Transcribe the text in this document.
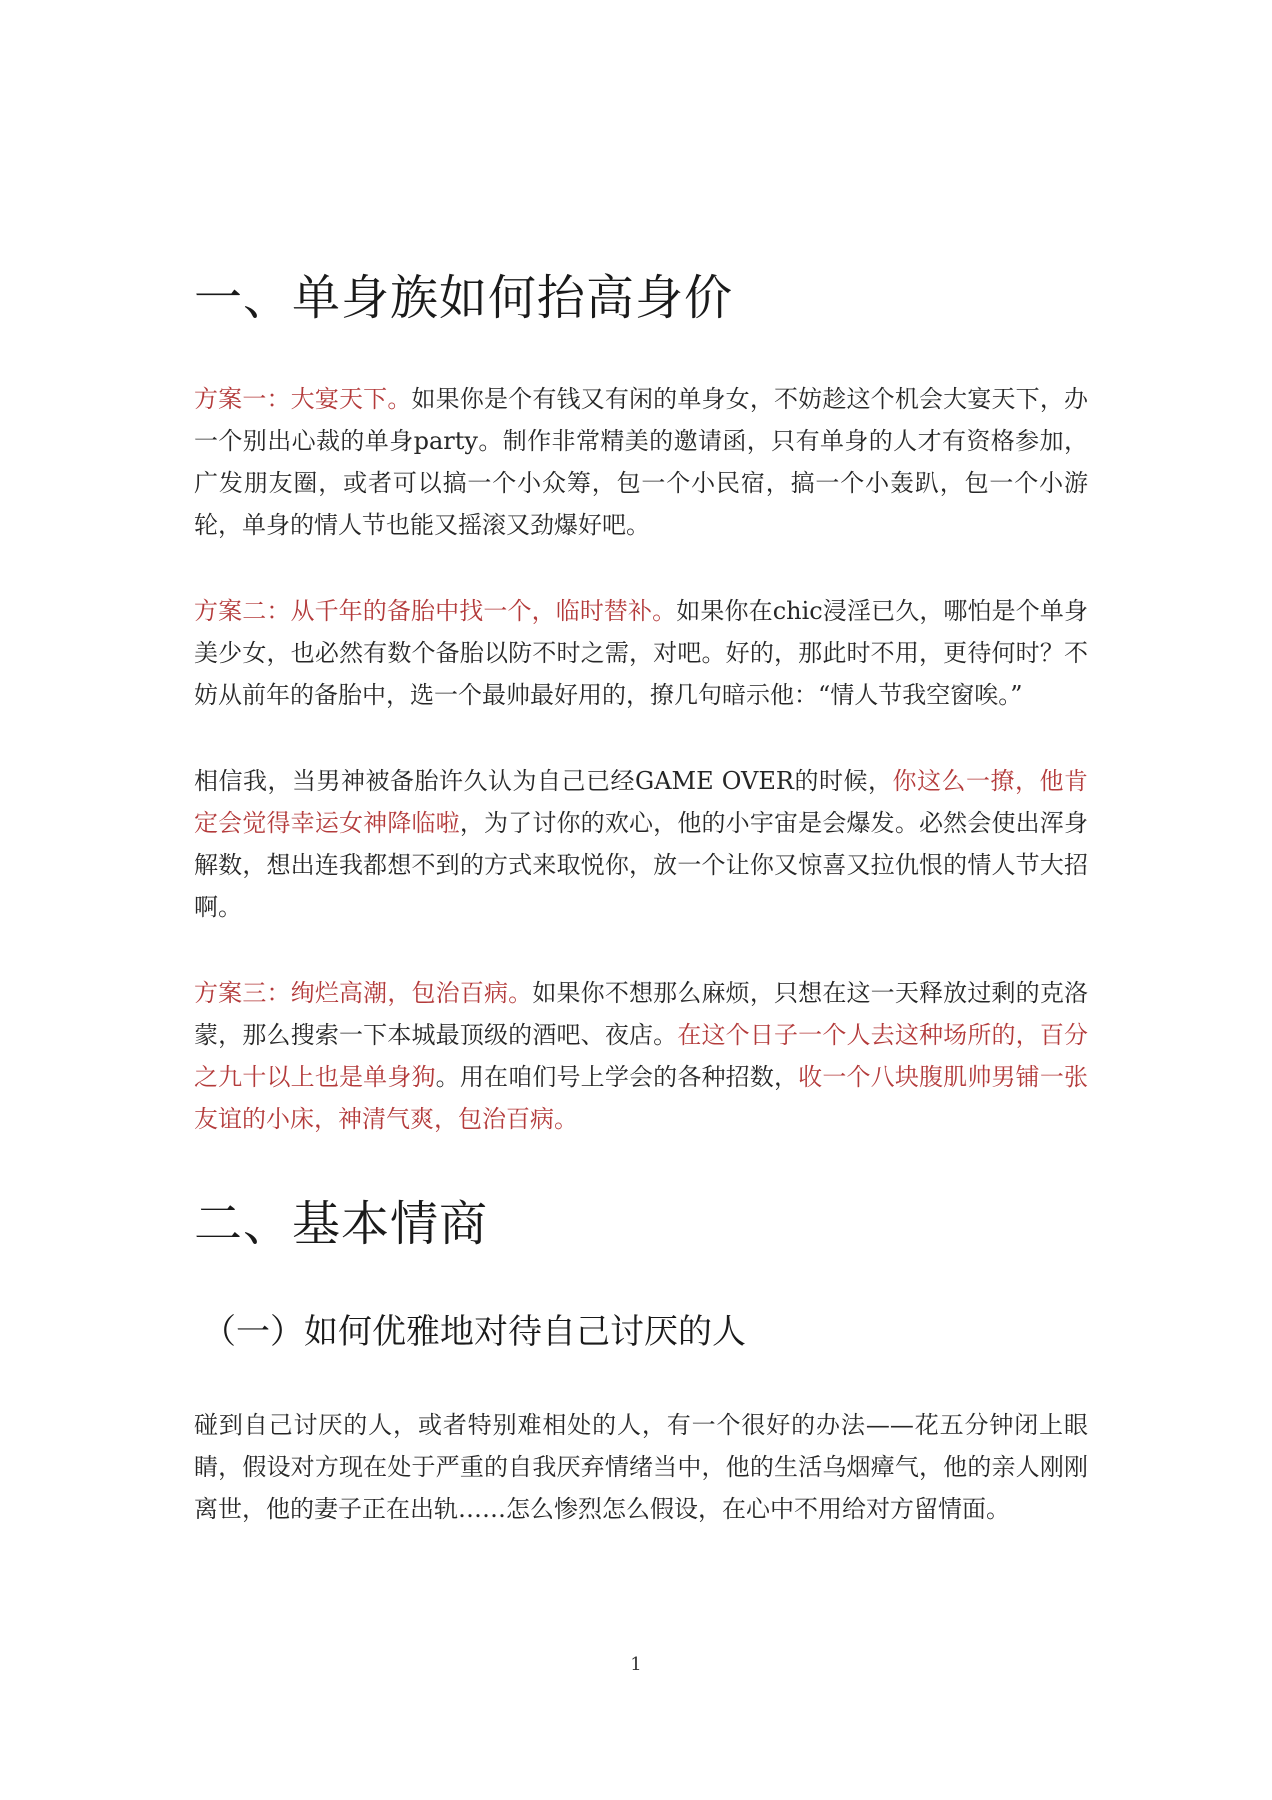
一、单身族如何抬高身价

方案一：大宴天下。如果你是个有钱又有闲的单身女，不妨趁这个机会大宴天下，办一个别出心裁的单身party。制作非常精美的邀请函，只有单身的人才有资格参加，广发朋友圈，或者可以搞一个小众筹，包一个小民宿，搞一个小轰趴，包一个小游轮，单身的情人节也能又摇滚又劲爆好吧。

方案二：从千年的备胎中找一个，临时替补。如果你在chic浸淫已久，哪怕是个单身美少女，也必然有数个备胎以防不时之需，对吧。好的，那此时不用，更待何时？不妨从前年的备胎中，选一个最帅最好用的，撩几句暗示他：“情人节我空窗唉。”

相信我，当男神被备胎许久认为自己已经GAME OVER的时候，你这么一撩，他肯定会觉得幸运女神降临啦，为了讨你的欢心，他的小宇宙是会爆发。必然会使出浑身解数，想出连我都想不到的方式来取悦你，放一个让你又惊喜又拉仇恨的情人节大招啊。

方案三：绚烂高潮，包治百病。如果你不想那么麻烦，只想在这一天释放过剩的克洛蒙，那么搜索一下本城最顶级的酒吧、夜店。在这个日子一个人去这种场所的，百分之九十以上也是单身狗。用在咱们号上学会的各种招数，收一个八块腹肌帅男铺一张友谊的小床，神清气爽，包治百病。

二、基本情商
（一）如何优雅地对待自己讨厌的人

碰到自己讨厌的人，或者特别难相处的人，有一个很好的办法——花五分钟闭上眼睛，假设对方现在处于严重的自我厌弃情绪当中，他的生活乌烟瘴气，他的亲人刚刚离世，他的妻子正在出轨……怎么惨烈怎么假设，在心中不用给对方留情面。

1
